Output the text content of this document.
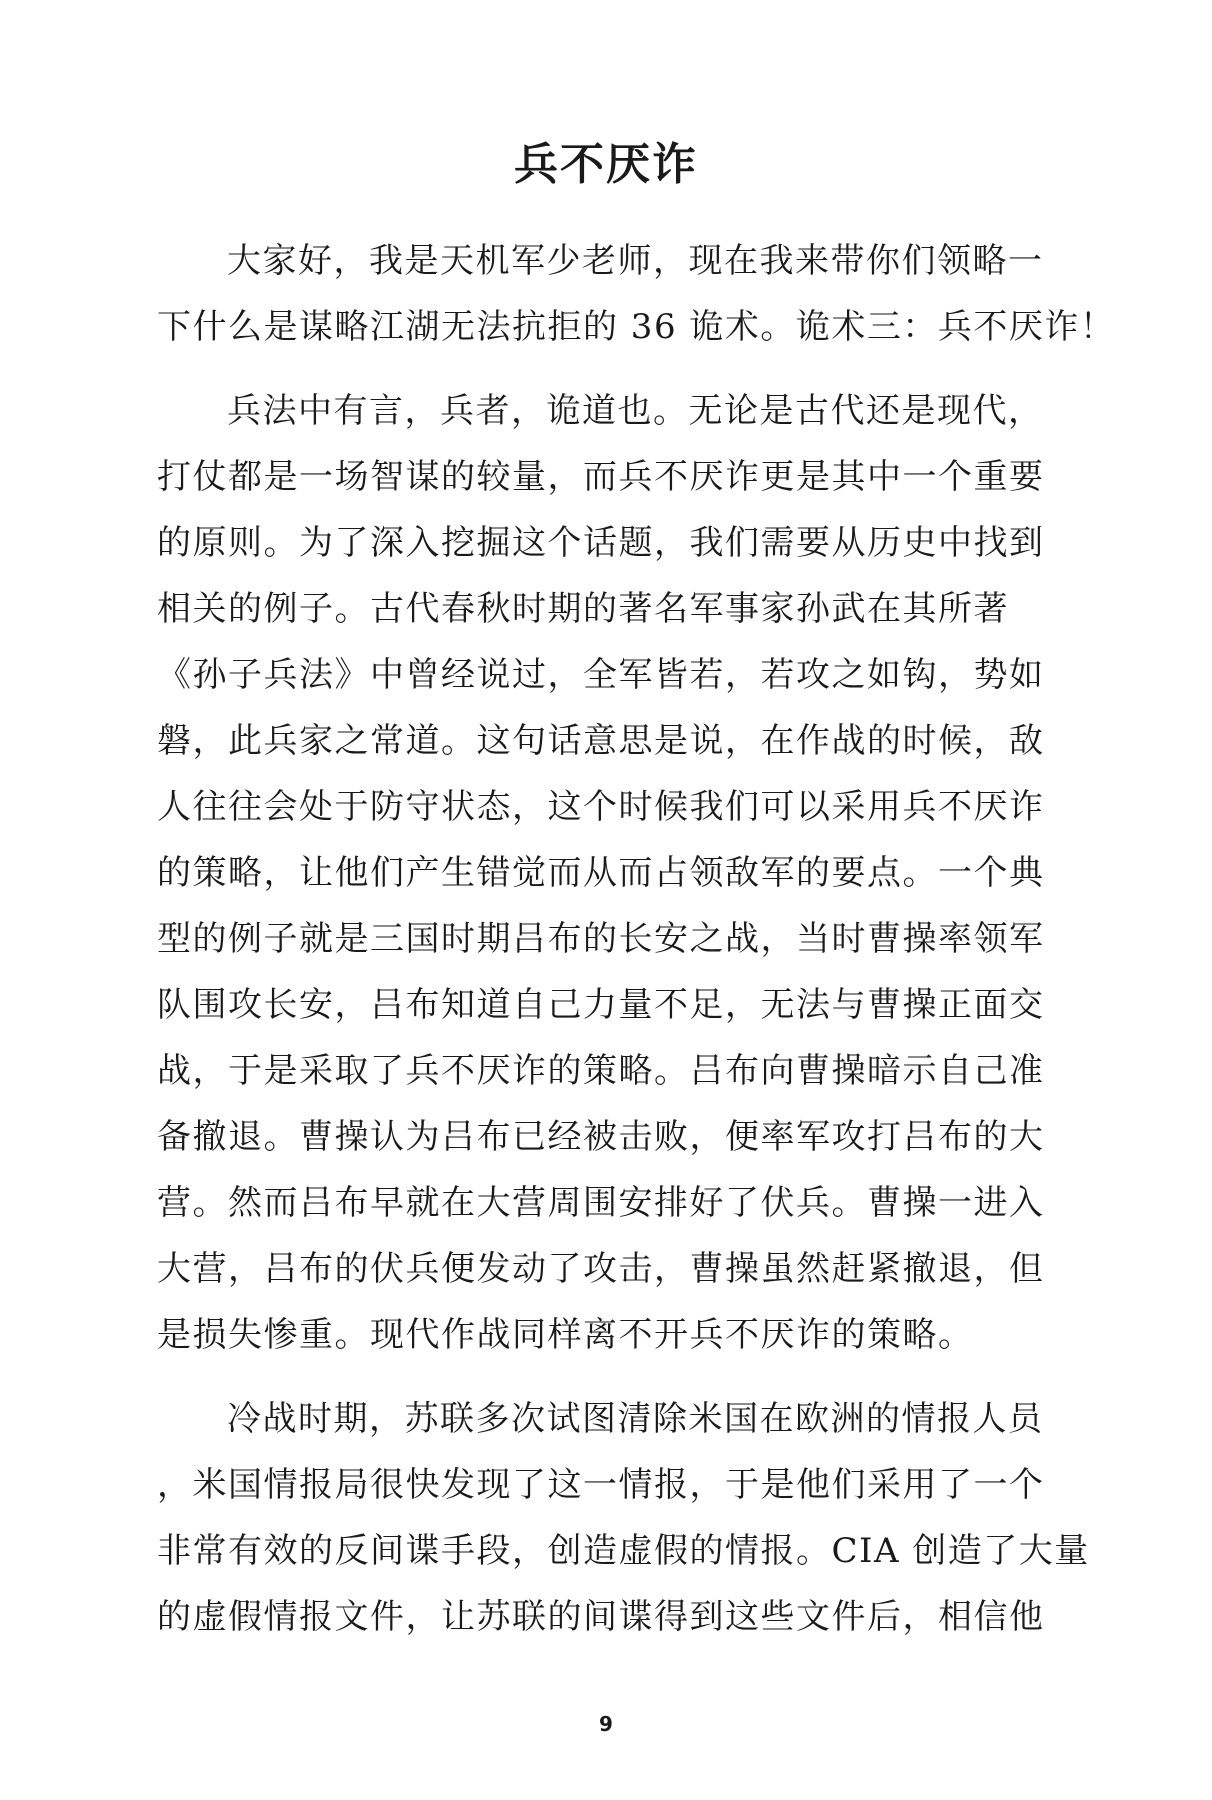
兵不厌诈
大家好，我是天机军少老师，现在我来带你们领略一
下什么是谋略江湖无法抗拒的 36 诡术。诡术三：兵不厌诈！
兵法中有言，兵者，诡道也。无论是古代还是现代，
打仗都是一场智谋的较量，而兵不厌诈更是其中一个重要
的原则。为了深入挖掘这个话题，我们需要从历史中找到
相关的例子。古代春秋时期的著名军事家孙武在其所著
《孙子兵法》中曾经说过，全军皆若，若攻之如钩，势如
磐，此兵家之常道。这句话意思是说，在作战的时候，敌
人往往会处于防守状态，这个时候我们可以采用兵不厌诈
的策略，让他们产生错觉而从而占领敌军的要点。一个典
型的例子就是三国时期吕布的长安之战，当时曹操率领军
队围攻长安，吕布知道自己力量不足，无法与曹操正面交
战，于是采取了兵不厌诈的策略。吕布向曹操暗示自己准
备撤退。曹操认为吕布已经被击败，便率军攻打吕布的大
营。然而吕布早就在大营周围安排好了伏兵。曹操一进入
大营，吕布的伏兵便发动了攻击，曹操虽然赶紧撤退，但
是损失惨重。现代作战同样离不开兵不厌诈的策略。
冷战时期，苏联多次试图清除米国在欧洲的情报人员
，米国情报局很快发现了这一情报，于是他们采用了一个
非常有效的反间谍手段，创造虚假的情报。CIA 创造了大量
的虚假情报文件，让苏联的间谍得到这些文件后，相信他
9
